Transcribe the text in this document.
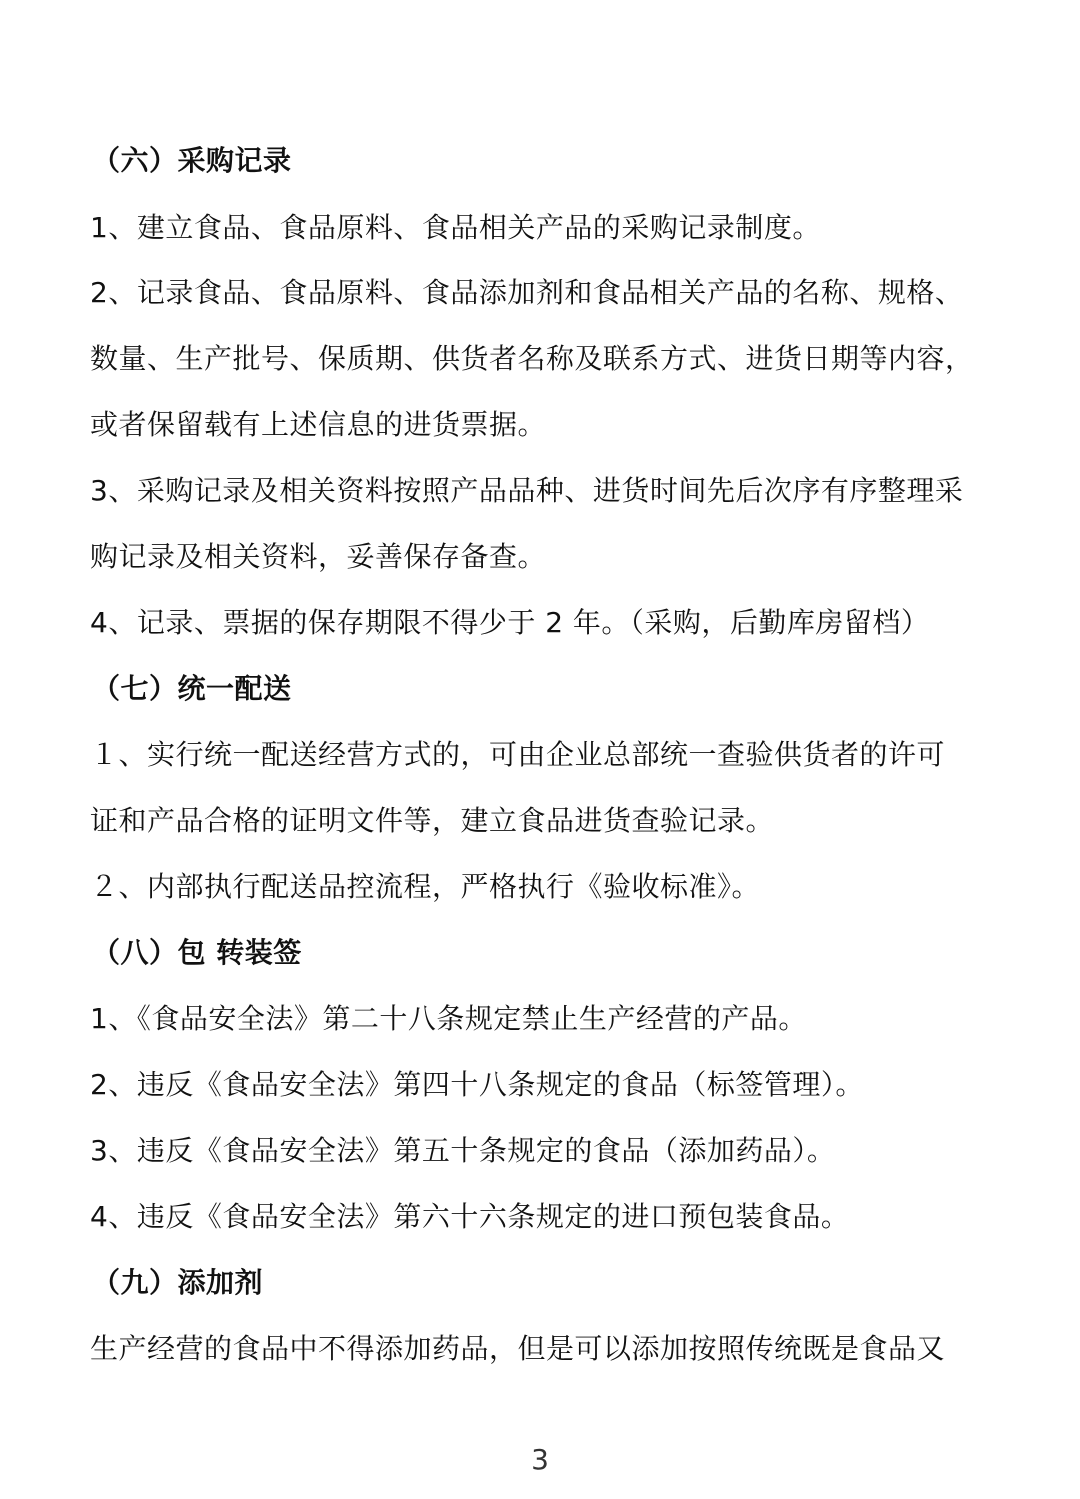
（六）采购记录
1、建立食品、食品原料、食品相关产品的采购记录制度。
2、记录食品、食品原料、食品添加剂和食品相关产品的名称、规格、
数量、生产批号、保质期、供货者名称及联系方式、进货日期等内容，
或者保留载有上述信息的进货票据。
3、采购记录及相关资料按照产品品种、进货时间先后次序有序整理采
购记录及相关资料，妥善保存备查。
4、记录、票据的保存期限不得少于 2 年。（采购，后勤库房留档）
（七）统一配送
１、实行统一配送经营方式的，可由企业总部统一查验供货者的许可
证和产品合格的证明文件等，建立食品进货查验记录。
２、内部执行配送品控流程，严格执行《验收标准》。
（八）包 转装签
1、《食品安全法》第二十八条规定禁止生产经营的产品。
2、违反《食品安全法》第四十八条规定的食品（标签管理）。
3、违反《食品安全法》第五十条规定的食品（添加药品）。
4、违反《食品安全法》第六十六条规定的进口预包装食品。
（九）添加剂
生产经营的食品中不得添加药品，但是可以添加按照传统既是食品又
3
